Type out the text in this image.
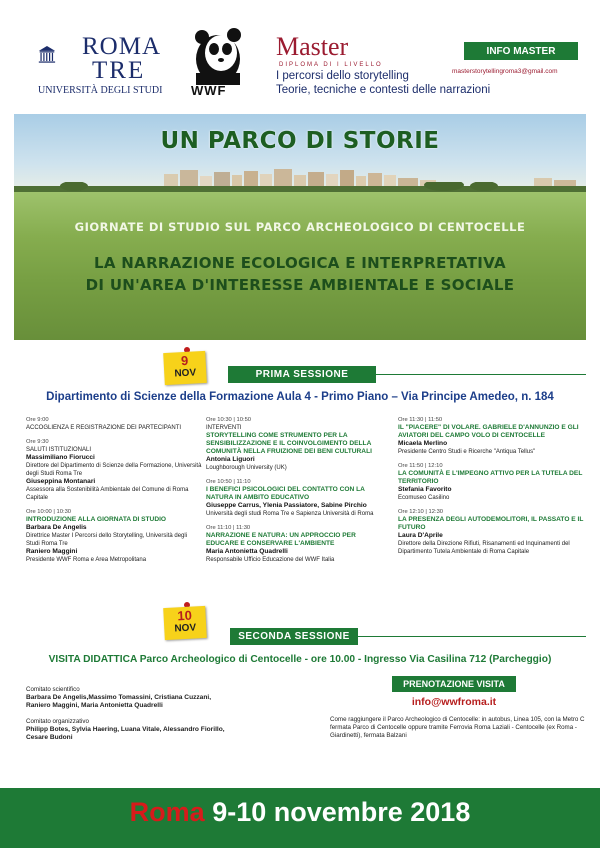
ROMA
TRE
UNIVERSITÀ DEGLI STUDI WWF
Master
DIPLOMA DI I LIVELLO
I percorsi dello storytelling
Teorie, tecniche e contesti delle narrazioni
INFO MASTER
masterstorytellingroma3@gmail.com
UN PARCO DI STORIE
GIORNATE DI STUDIO SUL PARCO ARCHEOLOGICO DI CENTOCELLE
LA NARRAZIONE ECOLOGICA E INTERPRETATIVA
DI UN'AREA D'INTERESSE AMBIENTALE E SOCIALE
9
NOV	PRIMA SESSIONE
Dipartimento di Scienze della Formazione Aula 4 - Primo Piano – Via Principe Amedeo, n. 184
Ore 9:00
ACCOGLIENZA E REGISTRAZIONE DEI PARTECIPANTI
Ore 9:30
SALUTI ISTITUZIONALI
Massimiliano Fiorucci
Direttore del Dipartimento di Scienze della Formazione, Università degli Studi Roma Tre
Giuseppina Montanari
Assessora alla Sostenibilità Ambientale del Comune di Roma Capitale
Ore 10:00 | 10:30
INTRODUZIONE ALLA GIORNATA DI STUDIO
Barbara De Angelis
Direttrice Master I Percorsi dello Storytelling, Università degli Studi Roma Tre
Raniero Maggini
Presidente WWF Roma e Area Metropolitana
Ore 10:30 | 10:50
INTERVENTI
STORYTELLING COME STRUMENTO PER LA SENSIBILIZZAZIONE E IL COINVOLGIMENTO DELLA COMUNITÀ NELLA FRUIZIONE DEI BENI CULTURALI
Antonia Liguori
Loughborough University (UK)
Ore 10:50 | 11:10
I BENEFICI PSICOLOGICI DEL CONTATTO CON LA NATURA IN AMBITO EDUCATIVO
Giuseppe Carrus, Ylenia Passiatore, Sabine Pirchio
Università degli studi Roma Tre e Sapienza Università di Roma
Ore 11:10 | 11:30
NARRAZIONE E NATURA: UN APPROCCIO PER EDUCARE E CONSERVARE L'AMBIENTE
Maria Antonietta Quadrelli
Responsabile Ufficio Educazione del WWF Italia
Ore 11:30 | 11:50
IL "PIACERE" DI VOLARE. GABRIELE D'ANNUNZIO E GLI AVIATORI DEL CAMPO VOLO DI CENTOCELLE
Micaela Merlino
Presidente Centro Studi e Ricerche "Antiqua Tellus"
Ore 11:50 | 12:10
LA COMUNITÀ E L'IMPEGNO ATTIVO PER LA TUTELA DEL TERRITORIO
Stefania Favorito
Ecomuseo Casilino
Ore 12:10 | 12:30
LA PRESENZA DEGLI AUTODEMOLITORI, IL PASSATO E IL FUTURO
Laura D'Aprile
Direttore della Direzione Rifiuti, Risanamenti ed Inquinamenti del Dipartimento Tutela Ambientale di Roma Capitale
10
NOV
SECONDA SESSIONE
VISITA DIDATTICA Parco Archeologico di Centocelle - ore 10.00 - Ingresso Via Casilina 712 (Parcheggio)
Comitato scientifico
Barbara De Angelis,Massimo Tomassini, Cristiana Cuzzani,
Raniero Maggini, Maria Antonietta Quadrelli
Comitato organizzativo
Philipp Botes, Sylvia Haering, Luana Vitale, Alessandro Fiorillo,
Cesare Budoni
PRENOTAZIONE VISITA
info@wwfroma.it
Come raggiungere il Parco Archeologico di Centocelle: in autobus, Linea 105, con la Metro C fermata Parco di Centocelle oppure tramite Ferrovia Roma Laziali - Centocelle (ex Roma -Giardinetti), fermata Balzani
Roma 9-10 novembre 2018
